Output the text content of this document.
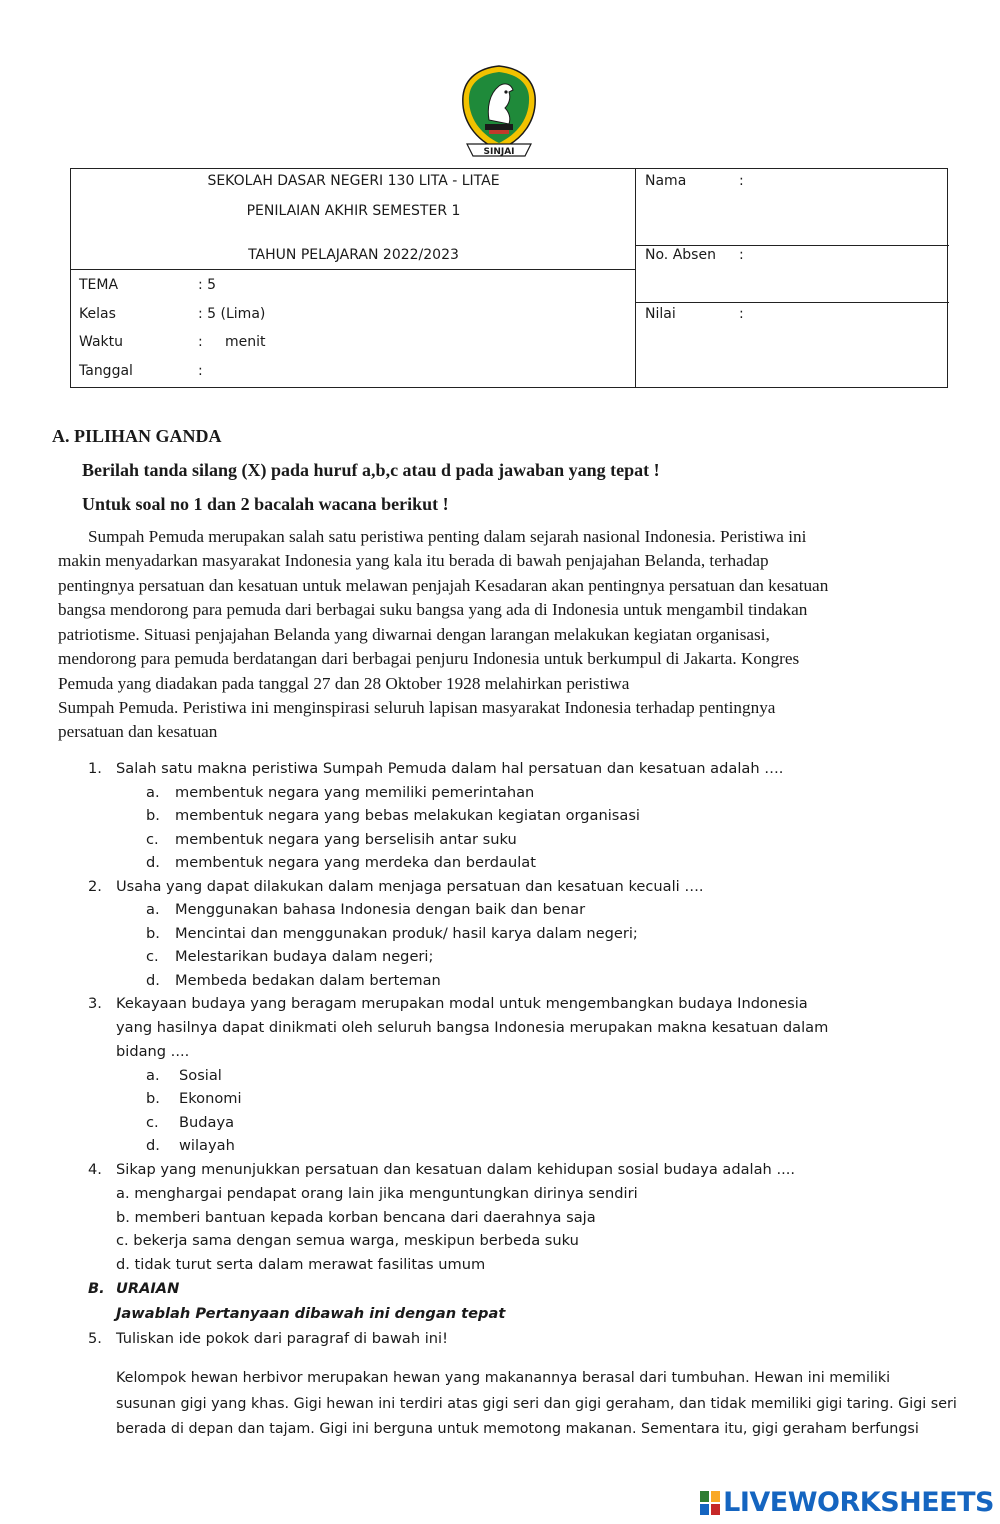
SINJAI
SEKOLAH DASAR NEGERI 130 LITA - LITAE
PENILAIAN AKHIR SEMESTER 1
TAHUN PELAJARAN 2022/2023
TEMA	: 5
Kelas	: 5 (Lima)
Waktu	:     menit
Tanggal	:
Nama	:
No. Absen :
Nilai	:
A. PILIHAN GANDA
Berilah tanda silang (X) pada huruf a,b,c atau d pada jawaban yang tepat !
Untuk soal no 1 dan 2 bacalah wacana berikut !
Sumpah Pemuda merupakan salah satu peristiwa penting dalam sejarah nasional Indonesia. Peristiwa ini
makin menyadarkan masyarakat Indonesia yang kala itu berada di bawah penjajahan Belanda, terhadap
pentingnya persatuan dan kesatuan untuk melawan penjajah Kesadaran akan pentingnya persatuan dan kesatuan
bangsa mendorong para pemuda dari berbagai suku bangsa yang ada di Indonesia untuk mengambil tindakan
patriotisme. Situasi penjajahan Belanda yang diwarnai dengan larangan melakukan kegiatan organisasi,
mendorong para pemuda berdatangan dari berbagai penjuru Indonesia untuk berkumpul di Jakarta. Kongres
Pemuda yang diadakan pada tanggal 27 dan 28 Oktober 1928 melahirkan peristiwa
Sumpah Pemuda. Peristiwa ini menginspirasi seluruh lapisan masyarakat Indonesia terhadap pentingnya
persatuan dan kesatuan
1. Salah satu makna peristiwa Sumpah Pemuda dalam hal persatuan dan kesatuan adalah ….
a. membentuk negara yang memiliki pemerintahan
b. membentuk negara yang bebas melakukan kegiatan organisasi
c. membentuk negara yang berselisih antar suku
d. membentuk negara yang merdeka dan berdaulat
2. Usaha yang dapat dilakukan dalam menjaga persatuan dan kesatuan kecuali ….
a. Menggunakan bahasa Indonesia dengan baik dan benar
b. Mencintai dan menggunakan produk/ hasil karya dalam negeri;
c. Melestarikan budaya dalam negeri;
d. Membeda bedakan dalam berteman
3. Kekayaan budaya yang beragam merupakan modal untuk mengembangkan budaya Indonesia
yang hasilnya dapat dinikmati oleh seluruh bangsa Indonesia merupakan makna kesatuan dalam
bidang ....
a. Sosial
b. Ekonomi
c. Budaya
d. wilayah
4. Sikap yang menunjukkan persatuan dan kesatuan dalam kehidupan sosial budaya adalah ....
a. menghargai pendapat orang lain jika menguntungkan dirinya sendiri
b. memberi bantuan kepada korban bencana dari daerahnya saja
c. bekerja sama dengan semua warga, meskipun berbeda suku
d. tidak turut serta dalam merawat fasilitas umum
B. URAIAN
Jawablah Pertanyaan dibawah ini dengan tepat
5. Tuliskan ide pokok dari paragraf di bawah ini!
Kelompok hewan herbivor merupakan hewan yang makanannya berasal dari tumbuhan. Hewan ini memiliki
susunan gigi yang khas. Gigi hewan ini terdiri atas gigi seri dan gigi geraham, dan tidak memiliki gigi taring. Gigi seri
berada di depan dan tajam. Gigi ini berguna untuk memotong makanan. Sementara itu, gigi geraham berfungsi
LIVEWORKSHEETS
